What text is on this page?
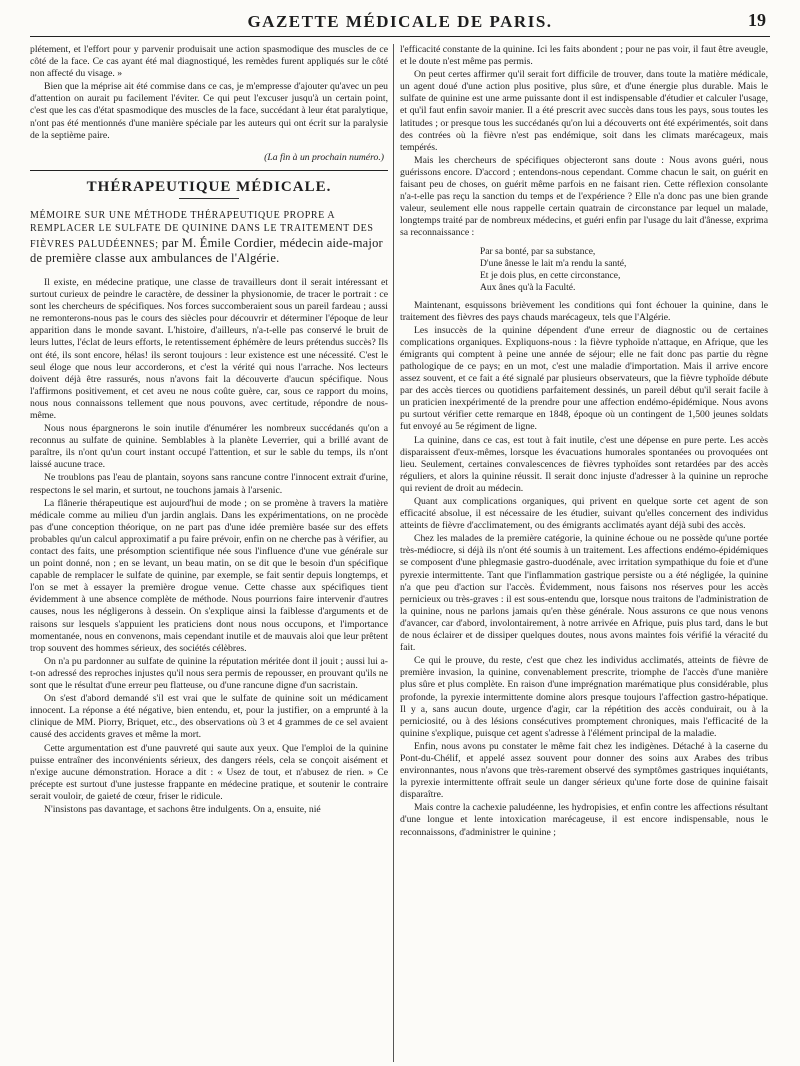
GAZETTE MÉDICALE DE PARIS.	19

plétement, et l'effort pour y parvenir produisait une action spasmodique des muscles de ce côté de la face. Ce cas ayant été mal diagnostiqué, les remèdes furent appliqués sur le côté non affecté du visage. »

Bien que la méprise ait été commise dans ce cas, je m'empresse d'ajouter qu'avec un peu d'attention on aurait pu facilement l'éviter. Ce qui peut l'excuser jusqu'à un certain point, c'est que les cas d'état spasmodique des muscles de la face, succédant à leur état paralytique, n'ont pas été mentionnés d'une manière spéciale par les auteurs qui ont écrit sur la paralysie de la septième paire.

(La fin à un prochain numéro.)
THÉRAPEUTIQUE MÉDICALE.

MÉMOIRE SUR UNE MÉTHODE THÉRAPEUTIQUE PROPRE A REMPLACER LE SULFATE DE QUININE DANS LE TRAITEMENT DES FIÈVRES PALUDÉENNES; par M. Émile Cordier, médecin aide-major de première classe aux ambulances de l'Algérie.

Il existe, en médecine pratique, une classe de travailleurs dont il serait intéressant et surtout curieux de peindre le caractère, de dessiner la physionomie, de tracer le portrait : ce sont les chercheurs de spécifiques. Nos forces succomberaient sous un pareil fardeau ; aussi ne remonterons-nous pas le cours des siècles pour découvrir et déterminer l'époque de leur apparition dans le monde savant. L'histoire, d'ailleurs, n'a-t-elle pas conservé le bruit de leurs luttes, l'éclat de leurs efforts, le retentissement éphémère de leurs prétendus succès? Ils ont été, ils sont encore, hélas! ils seront toujours : leur existence est une nécessité. C'est le seul éloge que nous leur accorderons, et c'est la vérité qui nous l'arrache. Nos lecteurs doivent déjà être rassurés, nous n'avons fait la découverte d'aucun spécifique. Nous l'affirmons positivement, et cet aveu ne nous coûte guère, car, sous ce rapport du moins, nous nous connaissons tellement que nous pouvons, avec certitude, répondre de nous-même.

Nous nous épargnerons le soin inutile d'énumérer les nombreux succédanés qu'on a reconnus au sulfate de quinine. Semblables à la planète Leverrier, qui a brillé avant de paraître, ils n'ont qu'un court instant occupé l'attention, et sur le sable du temps, ils n'ont laissé aucune trace.

Ne troublons pas l'eau de plantain, soyons sans rancune contre l'innocent extrait d'urine, respectons le sel marin, et surtout, ne touchons jamais à l'arsenic.

La flânerie thérapeutique est aujourd'hui de mode ; on se promène à travers la matière médicale comme au milieu d'un jardin anglais. Dans les expérimentations, on ne procède pas d'une conception théorique, on ne part pas d'une idée première basée sur des effets probables qu'un calcul approximatif a pu faire prévoir, enfin on ne cherche pas à vérifier, au contact des faits, une présomption scientifique née sous l'influence d'une vue générale sur un point donné, non ; en se levant, un beau matin, on se dit que le besoin d'un spécifique capable de remplacer le sulfate de quinine, par exemple, se fait sentir depuis longtemps, et l'on se met à essayer la première drogue venue. Cette chasse aux spécifiques tient évidemment à une absence complète de méthode. Nous pourrions faire intervenir d'autres causes, nous les négligerons à dessein. On s'explique ainsi la faiblesse d'arguments et de raisons sur lesquels s'appuient les praticiens dont nous nous occupons, et l'importance momentanée, nous en convenons, mais cependant inutile et de mauvais aloi que leur prêtent trop souvent des hommes sérieux, des sociétés célèbres.

On n'a pu pardonner au sulfate de quinine la réputation méritée dont il jouit ; aussi lui a-t-on adressé des reproches injustes qu'il nous sera permis de repousser, en prouvant qu'ils ne sont que le résultat d'une erreur peu flatteuse, ou d'une rancune digne d'un sacristain.

On s'est d'abord demandé s'il est vrai que le sulfate de quinine soit un médicament innocent. La réponse a été négative, bien entendu, et, pour la justifier, on a emprunté à la clinique de MM. Piorry, Briquet, etc., des observations où 3 et 4 grammes de ce sel avaient causé des accidents graves et même la mort.

Cette argumentation est d'une pauvreté qui saute aux yeux. Que l'emploi de la quinine puisse entraîner des inconvénients sérieux, des dangers réels, cela se conçoit aisément et n'exige aucune démonstration. Horace a dit : « Usez de tout, et n'abusez de rien. » Ce précepte est surtout d'une justesse frappante en médecine pratique, et soutenir le contraire serait vouloir, de gaieté de cœur, friser le ridicule.

N'insistons pas davantage, et sachons être indulgents. On a, ensuite, nié

l'efficacité constante de la quinine. Ici les faits abondent ; pour ne pas voir, il faut être aveugle, et le doute n'est même pas permis.

On peut certes affirmer qu'il serait fort difficile de trouver, dans toute la matière médicale, un agent doué d'une action plus positive, plus sûre, et d'une énergie plus durable. Mais le sulfate de quinine est une arme puissante dont il est indispensable d'étudier et calculer l'usage, et qu'il faut enfin savoir manier. Il a été prescrit avec succès dans tous les pays, sous toutes les latitudes ; or presque tous les succédanés qu'on lui a découverts ont été expérimentés, soit dans des contrées où la fièvre n'est pas endémique, soit dans les climats marécageux, mais tempérés.

Mais les chercheurs de spécifiques objecteront sans doute : Nous avons guéri, nous guérissons encore. D'accord ; entendons-nous cependant. Comme chacun le sait, on guérit en faisant peu de choses, on guérit même parfois en ne faisant rien. Cette réflexion consolante n'a-t-elle pas reçu la sanction du temps et de l'expérience ? Elle n'a donc pas une bien grande valeur, seulement elle nous rappelle certain quatrain de circonstance par lequel un malade, longtemps traité par de nombreux médecins, et guéri enfin par l'usage du lait d'ânesse, exprima sa reconnaissance :

Par sa bonté, par sa substance,
D'une ânesse le lait m'a rendu la santé,
Et je dois plus, en cette circonstance,
Aux ânes qu'à la Faculté.

Maintenant, esquissons brièvement les conditions qui font échouer la quinine, dans le traitement des fièvres des pays chauds marécageux, tels que l'Algérie.

Les insuccès de la quinine dépendent d'une erreur de diagnostic ou de certaines complications organiques. Expliquons-nous : la fièvre typhoïde n'attaque, en Afrique, que les émigrants qui comptent à peine une année de séjour; elle ne fait donc pas partie du règne pathologique de ce pays; en un mot, c'est une maladie d'importation. Mais il arrive encore assez souvent, et ce fait a été signalé par plusieurs observateurs, que la fièvre typhoïde débute par des accès tierces ou quotidiens parfaitement dessinés, un pareil début qu'il serait facile à un praticien inexpérimenté de la prendre pour une affection endémo-épidémique. Nous avons pu surtout vérifier cette remarque en 1848, époque où un contingent de 1,500 jeunes soldats fut envoyé au 5e régiment de ligne.

La quinine, dans ce cas, est tout à fait inutile, c'est une dépense en pure perte. Les accès disparaissent d'eux-mêmes, lorsque les évacuations humorales spontanées ou provoquées ont lieu. Seulement, certaines convalescences de fièvres typhoïdes sont retardées par des accès réguliers, et alors la quinine réussit. Il serait donc injuste d'adresser à la quinine un reproche qui revient de droit au médecin.

Quant aux complications organiques, qui privent en quelque sorte cet agent de son efficacité absolue, il est nécessaire de les étudier, suivant qu'elles concernent des individus atteints de fièvre d'acclimatement, ou des émigrants acclimatés ayant déjà subi des accès.

Chez les malades de la première catégorie, la quinine échoue ou ne possède qu'une portée très-médiocre, si déjà ils n'ont été soumis à un traitement. Les affections endémo-épidémiques se composent d'une phlegmasie gastro-duodénale, avec irritation sympathique du foie et d'une pyrexie intermittente. Tant que l'inflammation gastrique persiste ou a été négligée, la quinine n'a que peu d'action sur l'accès. Évidemment, nous faisons nos réserves pour les accès pernicieux ou très-graves : il est sous-entendu que, lorsque nous traitons de l'administration de la quinine, nous ne parlons jamais qu'en thèse générale. Nous assurons ce que nous venons d'avancer, car d'abord, involontairement, à notre arrivée en Afrique, puis plus tard, dans le but de nous éclairer et de dissiper quelques doutes, nous avons maintes fois vérifié la véracité du fait.

Ce qui le prouve, du reste, c'est que chez les individus acclimatés, atteints de fièvre de première invasion, la quinine, convenablement prescrite, triomphe de l'accès d'une manière plus sûre et plus complète. En raison d'une imprégnation marématique plus considérable, plus profonde, la pyrexie intermittente domine alors presque toujours l'affection gastro-hépatique. Il y a, sans aucun doute, urgence d'agir, car la répétition des accès conduirait, ou à la perniciosité, ou à des lésions consécutives promptement chroniques, mais l'efficacité de la quinine s'explique, puisque cet agent s'adresse à l'élément principal de la maladie.

Enfin, nous avons pu constater le même fait chez les indigènes. Détaché à la caserne du Pont-du-Chélif, et appelé assez souvent pour donner des soins aux Arabes des tribus environnantes, nous n'avons que très-rarement observé des symptômes gastriques inquiétants, la pyrexie intermittente offrait seule un danger sérieux qu'une forte dose de quinine faisait disparaître.

Mais contre la cachexie paludéenne, les hydropisies, et enfin contre les affections résultant d'une longue et lente intoxication marécageuse, il est encore indispensable, nous le reconnaissons, d'administrer le quinine ;
